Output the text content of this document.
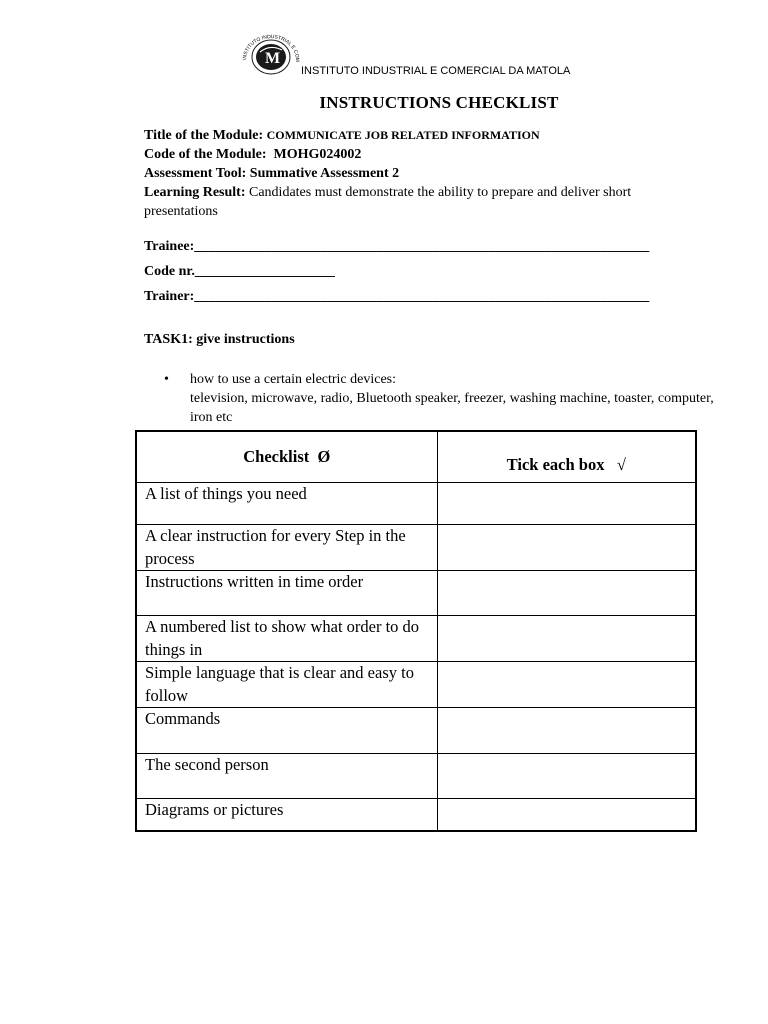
M
INSTITUTO INDUSTRIAL E COM
INSTITUTO INDUSTRIAL E COMERCIAL DA MATOLA
INSTRUCTIONS CHECKLIST
Title of the Module: COMMUNICATE JOB RELATED INFORMATION
Code of the Module: MOHG024002
Assessment Tool: Summative Assessment 2
Learning Result: Candidates must demonstrate the ability to prepare and deliver short presentations
Trainee:_________________________________________________________________
Code nr.____________________
Trainer:_________________________________________________________________
TASK1: give instructions
• how to use a certain electric devices:
television, microwave, radio, Bluetooth speaker, freezer, washing machine, toaster, computer, iron etc
Checklist Ø	Tick each box √
A list of things you need	
A clear instruction for every Step in the process	
Instructions written in time order	
A numbered list to show what order to do things in	
Simple language that is clear and easy to follow	
Commands	
The second person	
Diagrams or pictures	
